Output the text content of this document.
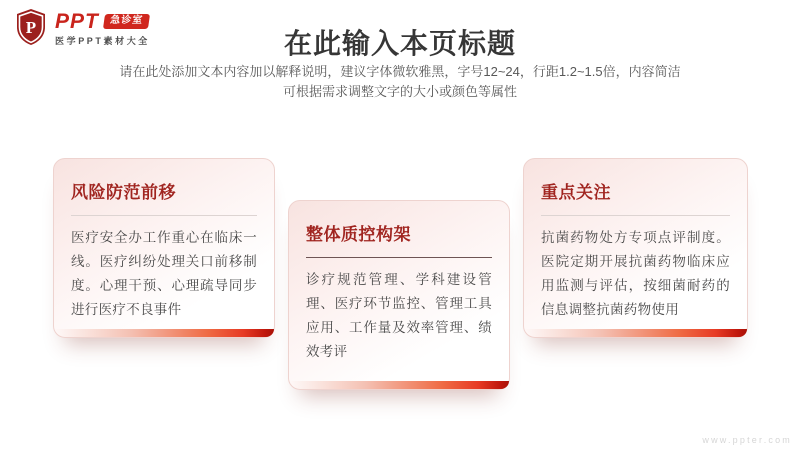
P PPT	急诊室
医学PPT素材大全	在此输入本页标题

请在此处添加文本内容加以解释说明，建议字体微软雅黑，字号12~24，行距1.2~1.5倍，内容简洁
可根据需求调整文字的大小或颜色等属性

风险防范前移

医疗安全办工作重心在临床一线。医疗纠纷处理关口前移制度。心理干预、心理疏导同步进行医疗不良事件

整体质控构架

诊疗规范管理、学科建设管理、医疗环节监控、管理工具应用、工作量及效率管理、绩效考评

重点关注

抗菌药物处方专项点评制度。医院定期开展抗菌药物临床应用监测与评估，按细菌耐药的信息调整抗菌药物使用

www.ppter.com
